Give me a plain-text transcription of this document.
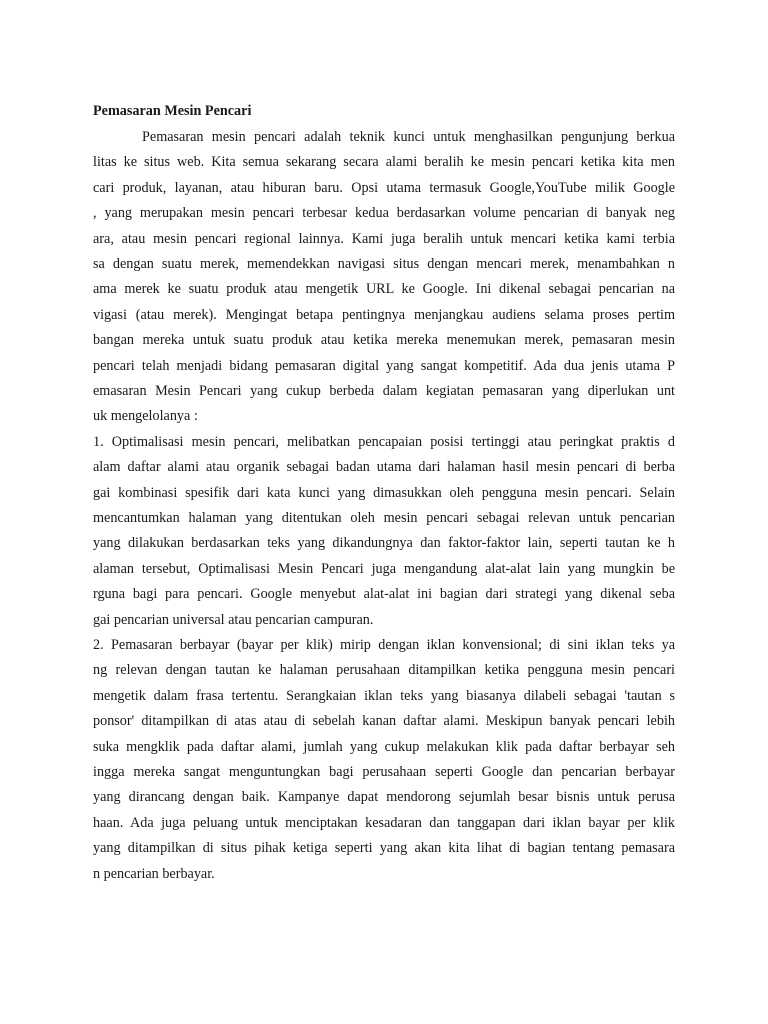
Pemasaran Mesin Pencari
Pemasaran mesin pencari adalah teknik kunci untuk menghasilkan pengunjung berkua
litas ke situs web. Kita semua sekarang secara alami beralih ke mesin pencari ketika kita men
cari produk, layanan, atau hiburan baru. Opsi utama termasuk Google,YouTube milik Google
, yang merupakan mesin pencari terbesar kedua berdasarkan volume pencarian di banyak neg
ara, atau mesin pencari regional lainnya. Kami juga beralih untuk mencari ketika kami terbia
sa dengan suatu merek, memendekkan navigasi situs dengan mencari merek, menambahkan n
ama merek ke suatu produk atau mengetik URL ke Google. Ini dikenal sebagai pencarian na
vigasi (atau merek). Mengingat betapa pentingnya menjangkau audiens selama proses pertim
bangan mereka untuk suatu produk atau ketika mereka menemukan merek, pemasaran mesin
pencari telah menjadi bidang pemasaran digital yang sangat kompetitif. Ada dua jenis utama P
emasaran Mesin Pencari yang cukup berbeda dalam kegiatan pemasaran yang diperlukan unt
uk mengelolanya :
1. Optimalisasi mesin pencari, melibatkan pencapaian posisi tertinggi atau peringkat praktis d
alam daftar alami atau organik sebagai badan utama dari halaman hasil mesin pencari di berba
gai kombinasi spesifik dari kata kunci yang dimasukkan oleh pengguna mesin pencari. Selain
mencantumkan halaman yang ditentukan oleh mesin pencari sebagai relevan untuk pencarian
yang dilakukan berdasarkan teks yang dikandungnya dan faktor-faktor lain, seperti tautan ke h
alaman tersebut, Optimalisasi Mesin Pencari juga mengandung alat-alat lain yang mungkin be
rguna bagi para pencari. Google menyebut alat-alat ini bagian dari strategi yang dikenal seba
gai pencarian universal atau pencarian campuran.
2. Pemasaran berbayar (bayar per klik) mirip dengan iklan konvensional; di sini iklan teks ya
ng relevan dengan tautan ke halaman perusahaan ditampilkan ketika pengguna mesin pencari
mengetik dalam frasa tertentu. Serangkaian iklan teks yang biasanya dilabeli sebagai 'tautan s
ponsor' ditampilkan di atas atau di sebelah kanan daftar alami. Meskipun banyak pencari lebih
suka mengklik pada daftar alami, jumlah yang cukup melakukan klik pada daftar berbayar seh
ingga mereka sangat menguntungkan bagi perusahaan seperti Google dan pencarian berbayar
yang dirancang dengan baik. Kampanye dapat mendorong sejumlah besar bisnis untuk perusa
haan. Ada juga peluang untuk menciptakan kesadaran dan tanggapan dari iklan bayar per klik
yang ditampilkan di situs pihak ketiga seperti yang akan kita lihat di bagian tentang pemasara
n pencarian berbayar.
